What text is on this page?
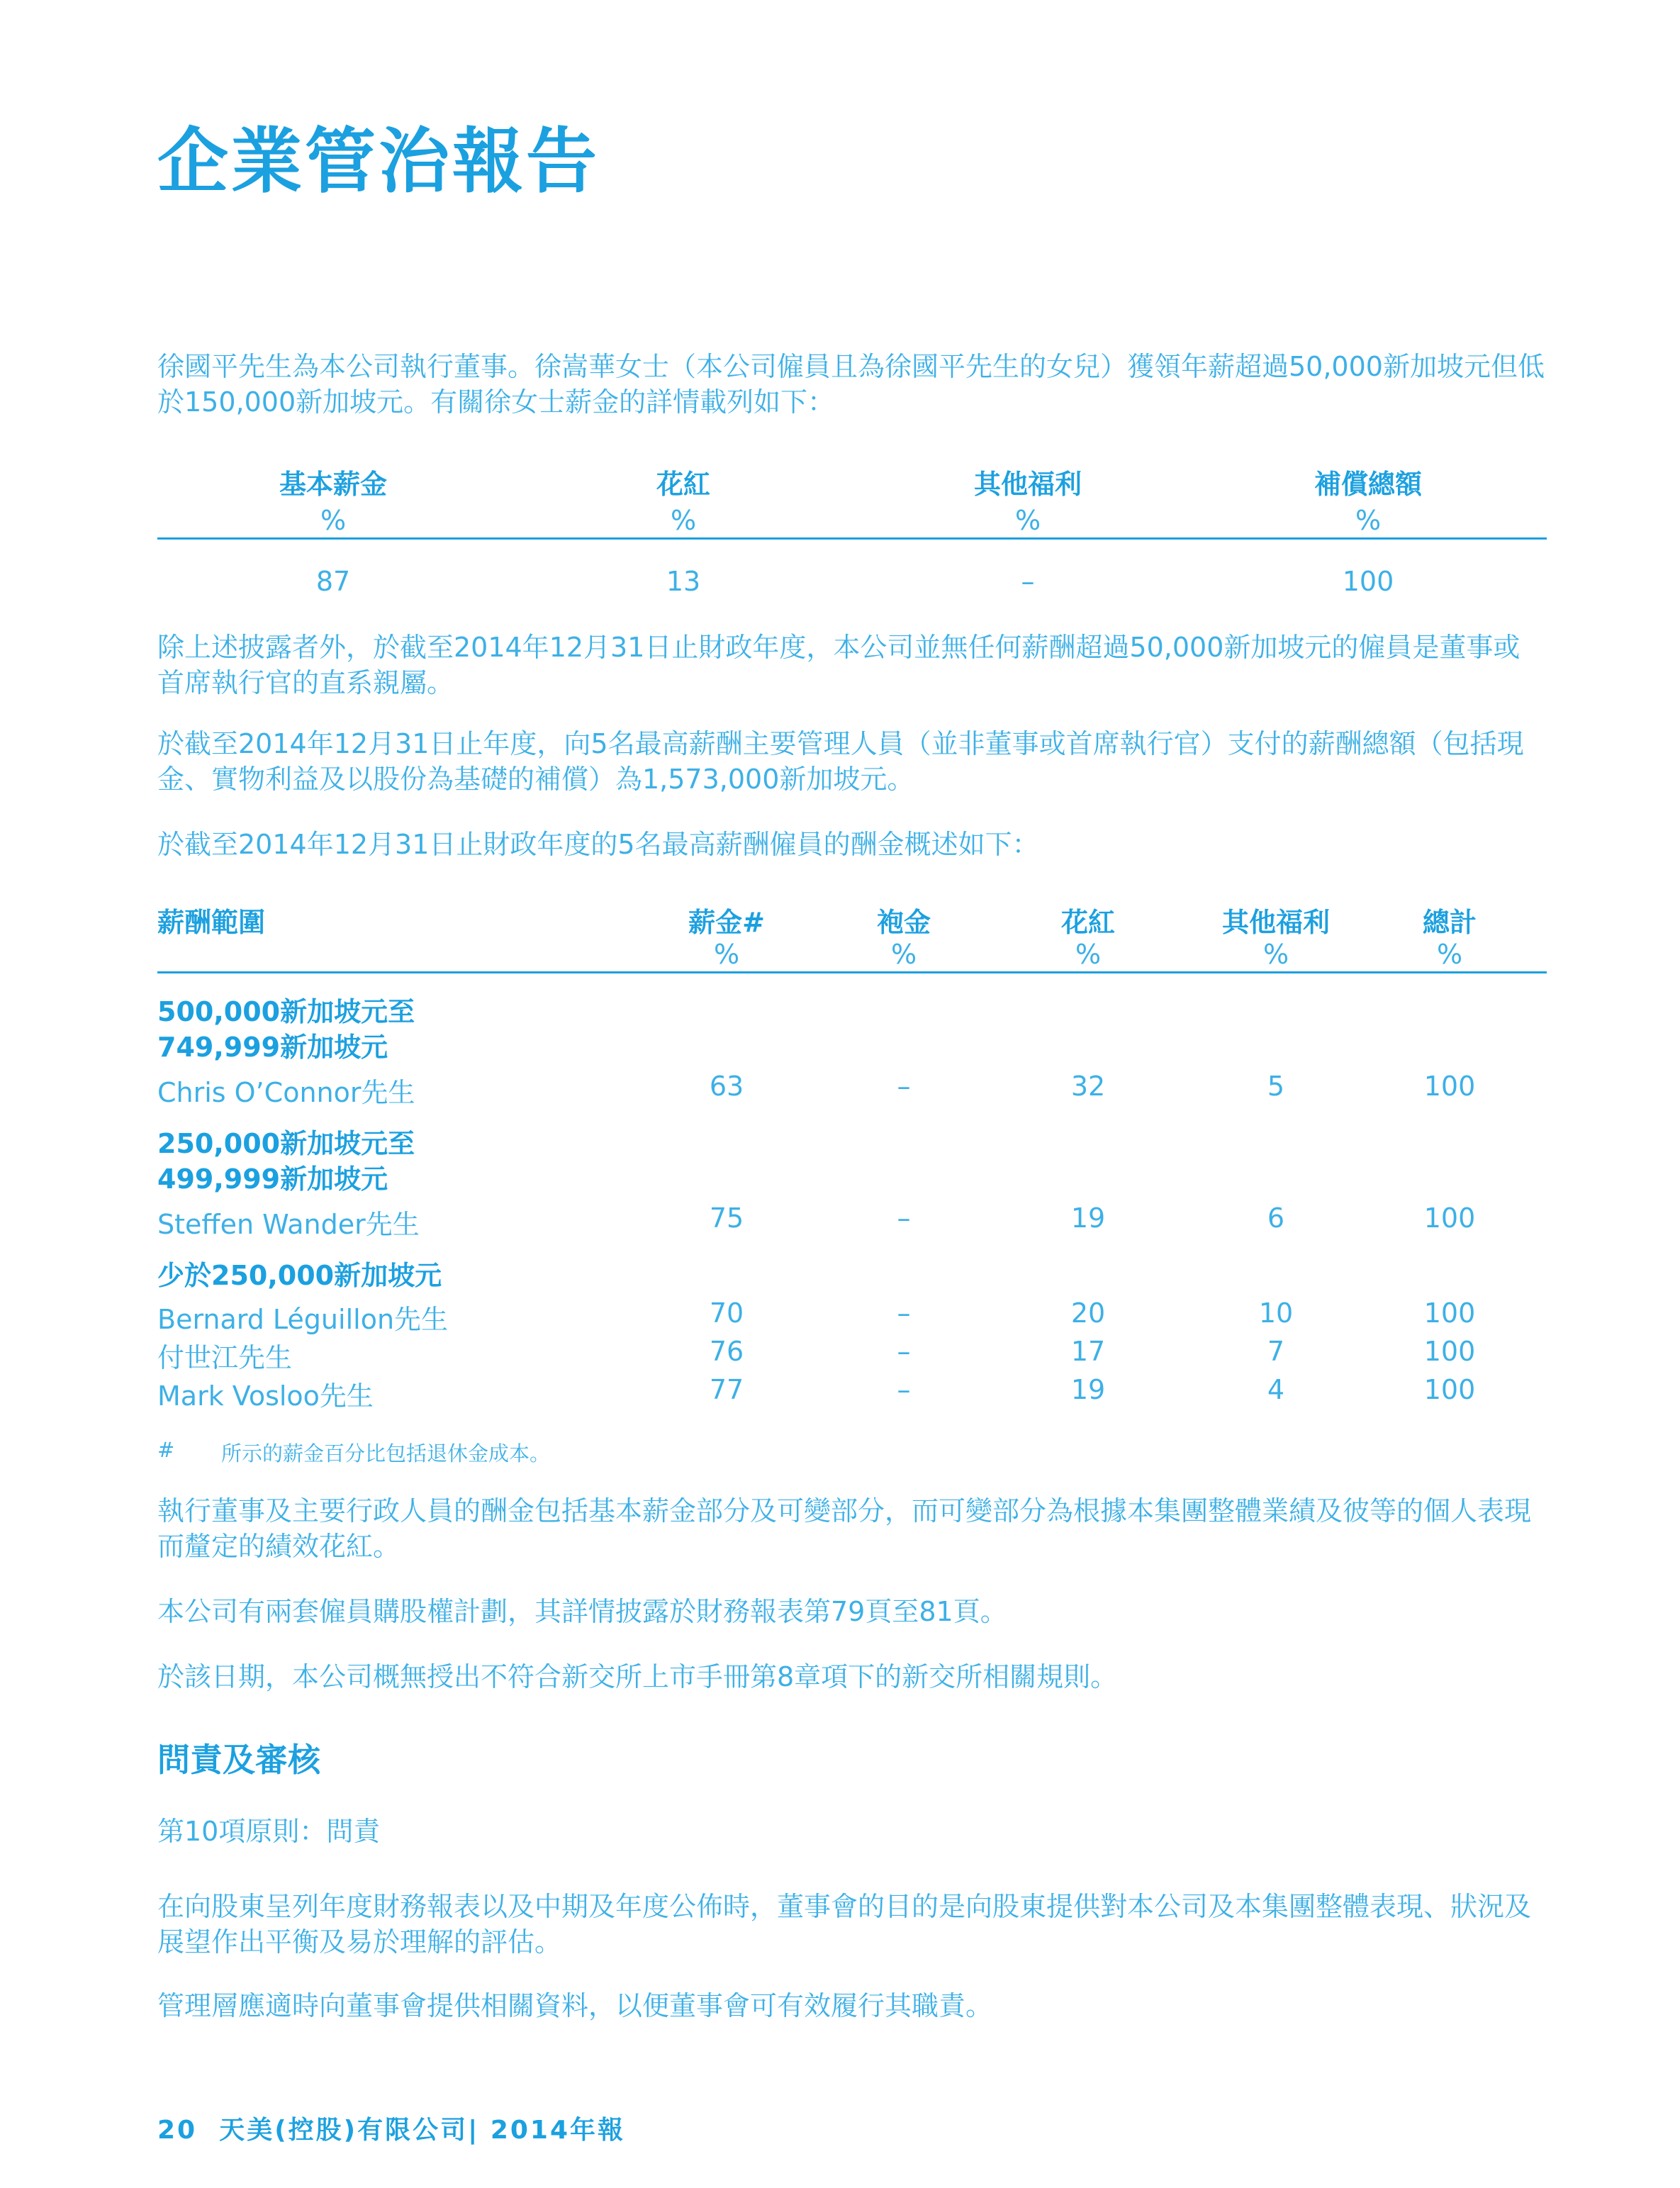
企業管治報告
徐國平先生為本公司執行董事。徐嵩華女士（本公司僱員且為徐國平先生的女兒）獲領年薪超過50,000新加坡元但低於150,000新加坡元。有關徐女士薪金的詳情載列如下：
基本薪金	花紅	其他福利	補償總額
%	%	%	%
87	13	–	100
除上述披露者外，於截至2014年12月31日止財政年度，本公司並無任何薪酬超過50,000新加坡元的僱員是董事或首席執行官的直系親屬。
於截至2014年12月31日止年度，向5名最高薪酬主要管理人員（並非董事或首席執行官）支付的薪酬總額（包括現金、實物利益及以股份為基礎的補償）為1,573,000新加坡元。
於截至2014年12月31日止財政年度的5名最高薪酬僱員的酬金概述如下：
薪酬範圍	薪金#	袍金	花紅	其他福利	總計
%	%	%	%	%
500,000新加坡元至
749,999新加坡元
Chris O’Connor先生	63	–	32	5	100
250,000新加坡元至
499,999新加坡元
Steffen Wander先生	75	–	19	6	100
少於250,000新加坡元
Bernard Léguillon先生	70	–	20	10	100
付世江先生	76	–	17	7	100
Mark Vosloo先生	77	–	19	4	100
# 所示的薪金百分比包括退休金成本。
執行董事及主要行政人員的酬金包括基本薪金部分及可變部分，而可變部分為根據本集團整體業績及彼等的個人表現而釐定的績效花紅。
本公司有兩套僱員購股權計劃，其詳情披露於財務報表第79頁至81頁。
於該日期，本公司概無授出不符合新交所上市手冊第8章項下的新交所相關規則。
問責及審核
第10項原則：問責
在向股東呈列年度財務報表以及中期及年度公佈時，董事會的目的是向股東提供對本公司及本集團整體表現、狀況及展望作出平衡及易於理解的評估。
管理層應適時向董事會提供相關資料，以便董事會可有效履行其職責。
20 天美(控股)有限公司| 2014年報
